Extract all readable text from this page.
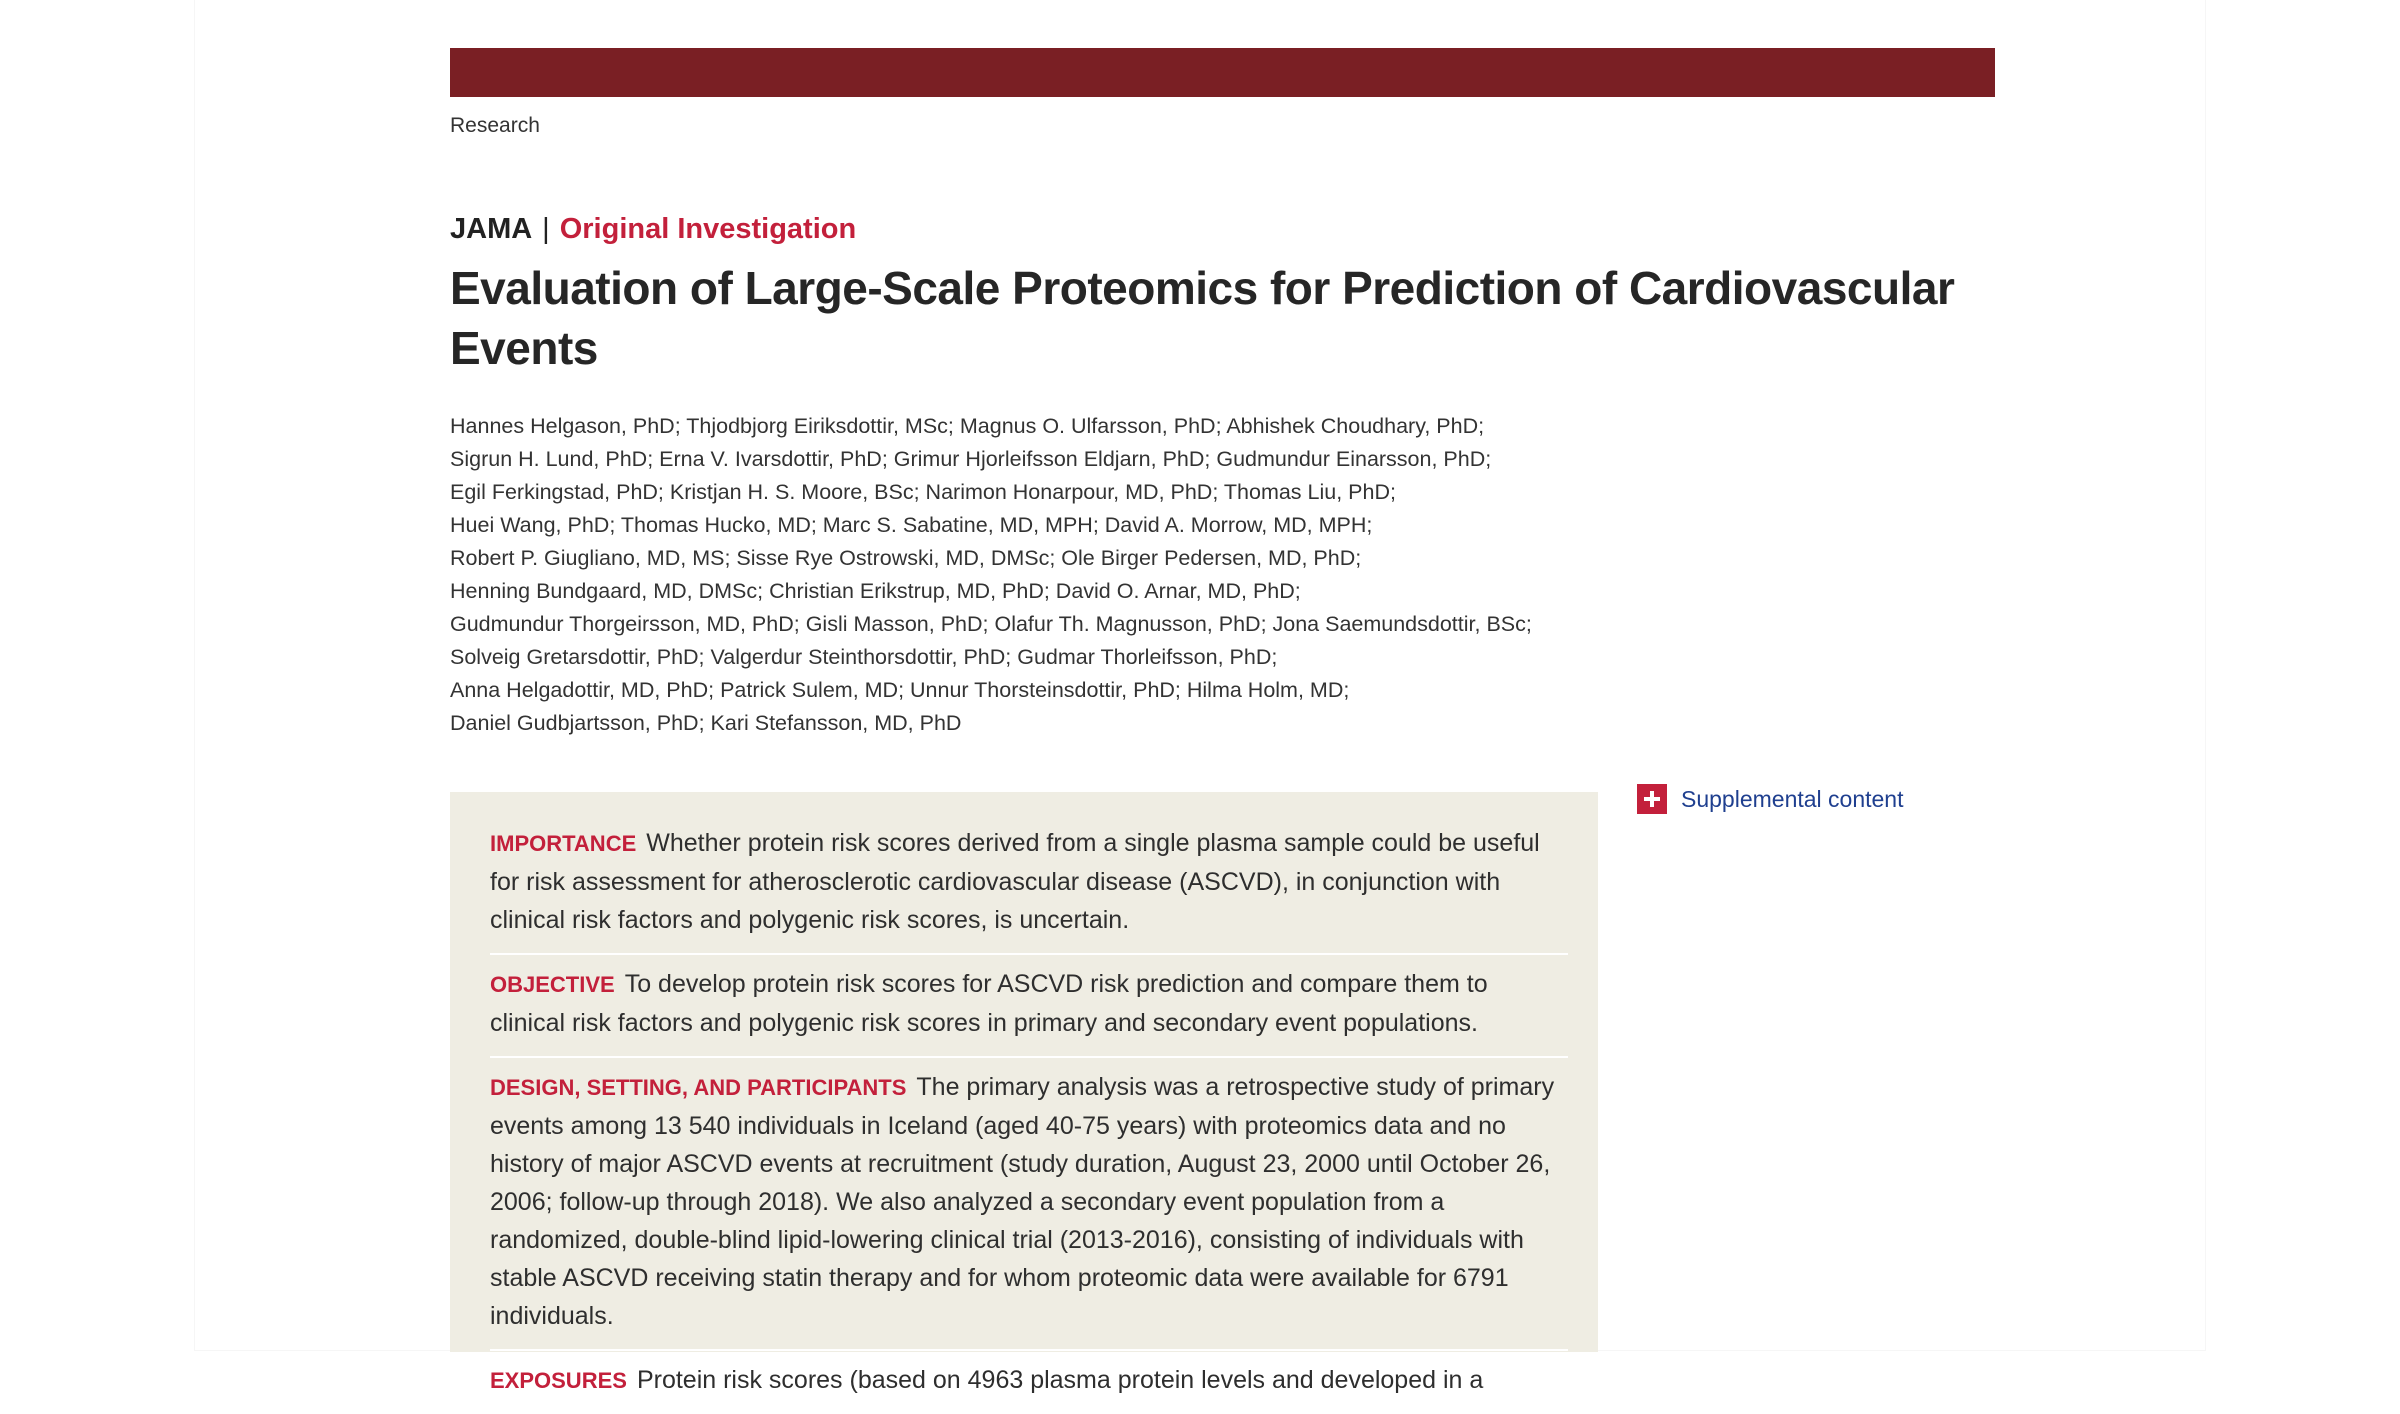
Research
JAMA | Original Investigation
Evaluation of Large-Scale Proteomics for Prediction of Cardiovascular Events
Hannes Helgason, PhD; Thjodbjorg Eiriksdottir, MSc; Magnus O. Ulfarsson, PhD; Abhishek Choudhary, PhD;
Sigrun H. Lund, PhD; Erna V. Ivarsdottir, PhD; Grimur Hjorleifsson Eldjarn, PhD; Gudmundur Einarsson, PhD;
Egil Ferkingstad, PhD; Kristjan H. S. Moore, BSc; Narimon Honarpour, MD, PhD; Thomas Liu, PhD;
Huei Wang, PhD; Thomas Hucko, MD; Marc S. Sabatine, MD, MPH; David A. Morrow, MD, MPH;
Robert P. Giugliano, MD, MS; Sisse Rye Ostrowski, MD, DMSc; Ole Birger Pedersen, MD, PhD;
Henning Bundgaard, MD, DMSc; Christian Erikstrup, MD, PhD; David O. Arnar, MD, PhD;
Gudmundur Thorgeirsson, MD, PhD; Gisli Masson, PhD; Olafur Th. Magnusson, PhD; Jona Saemundsdottir, BSc;
Solveig Gretarsdottir, PhD; Valgerdur Steinthorsdottir, PhD; Gudmar Thorleifsson, PhD;
Anna Helgadottir, MD, PhD; Patrick Sulem, MD; Unnur Thorsteinsdottir, PhD; Hilma Holm, MD;
Daniel Gudbjartsson, PhD; Kari Stefansson, MD, PhD
Supplemental content
IMPORTANCE Whether protein risk scores derived from a single plasma sample could be useful for risk assessment for atherosclerotic cardiovascular disease (ASCVD), in conjunction with clinical risk factors and polygenic risk scores, is uncertain.
OBJECTIVE To develop protein risk scores for ASCVD risk prediction and compare them to clinical risk factors and polygenic risk scores in primary and secondary event populations.
DESIGN, SETTING, AND PARTICIPANTS The primary analysis was a retrospective study of primary events among 13 540 individuals in Iceland (aged 40-75 years) with proteomics data and no history of major ASCVD events at recruitment (study duration, August 23, 2000 until October 26, 2006; follow-up through 2018). We also analyzed a secondary event population from a randomized, double-blind lipid-lowering clinical trial (2013-2016), consisting of individuals with stable ASCVD receiving statin therapy and for whom proteomic data were available for 6791 individuals.
EXPOSURES Protein risk scores (based on 4963 plasma protein levels and developed in a
